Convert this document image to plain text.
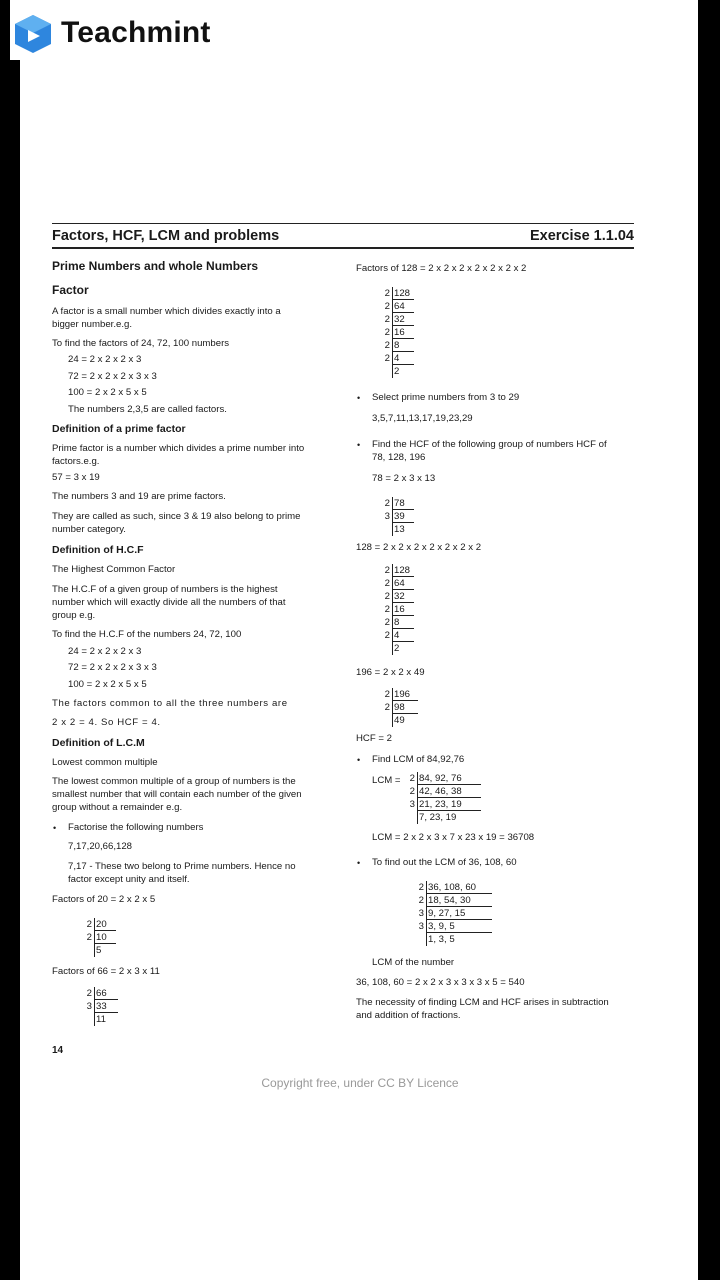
Teachmint
Factors, HCF, LCM and problems	Exercise 1.1.04
Prime Numbers and whole Numbers
Factor
A factor is a small number which divides exactly into a
bigger number.e.g.
To find the factors of 24, 72, 100 numbers
24 = 2 x 2 x 2 x 3
72 = 2 x 2 x 2 x 3 x 3
100 = 2 x 2 x 5 x 5
The numbers 2,3,5 are called factors.
Definition of a prime factor
Prime factor is a number which divides a prime number into
factors.e.g.
57 = 3 x 19
The numbers 3 and 19 are prime factors.
They are called as such, since 3 & 19 also belong to prime
number category.
Definition of H.C.F
The Highest Common Factor
The H.C.F of a given group of numbers is the highest
number which will exactly divide all the numbers of that
group e.g.
To find the H.C.F of the numbers 24, 72, 100
24 = 2 x 2 x 2 x 3
72 = 2 x 2 x 2 x 3 x 3
100 = 2 x 2 x 5 x 5
The factors common to all the three numbers are
2 x 2 = 4. So HCF = 4.
Definition of L.C.M
Lowest common multiple
The lowest common multiple of a group of numbers is the
smallest number that will contain each number of the given
group without a remainder e.g.
• Factorise the following numbers
7,17,20,66,128
7,17 - These two belong to Prime numbers. Hence no
factor except unity and itself.
Factors of 20 = 2 x 2 x 5
2 20
2 10
5
Factors of 66 = 2 x 3 x 11
2 66
3 33
11
Factors of 128 = 2 x 2 x 2 x 2 x 2 x 2 x 2
2 128
2 64
2 32
2 16
2 8
2 4
2
• Select prime numbers from 3 to 29
3,5,7,11,13,17,19,23,29
• Find the HCF of the following group of numbers HCF of
78, 128, 196
78 = 2 x 3 x 13
2 78
3 39
13
128 = 2 x 2 x 2 x 2 x 2 x 2 x 2
2 128
2 64
2 32
2 16
2 8
2 4
2
196 = 2 x 2 x 49
2 196
2 98
49
HCF = 2
• Find LCM of 84,92,76
LCM = 2 84, 92, 76
2 42, 46, 38
3 21, 23, 19
7, 23, 19
LCM = 2 x 2 x 3 x 7 x 23 x 19 = 36708
• To find out the LCM of 36, 108, 60
2 36, 108, 60
2 18, 54, 30
3 9, 27, 15
3 3, 9, 5
1, 3, 5
LCM of the number
36, 108, 60 = 2 x 2 x 3 x 3 x 3 x 5 = 540
The necessity of finding LCM and HCF arises in subtraction
and addition of fractions.
14
Copyright free, under CC BY Licence
